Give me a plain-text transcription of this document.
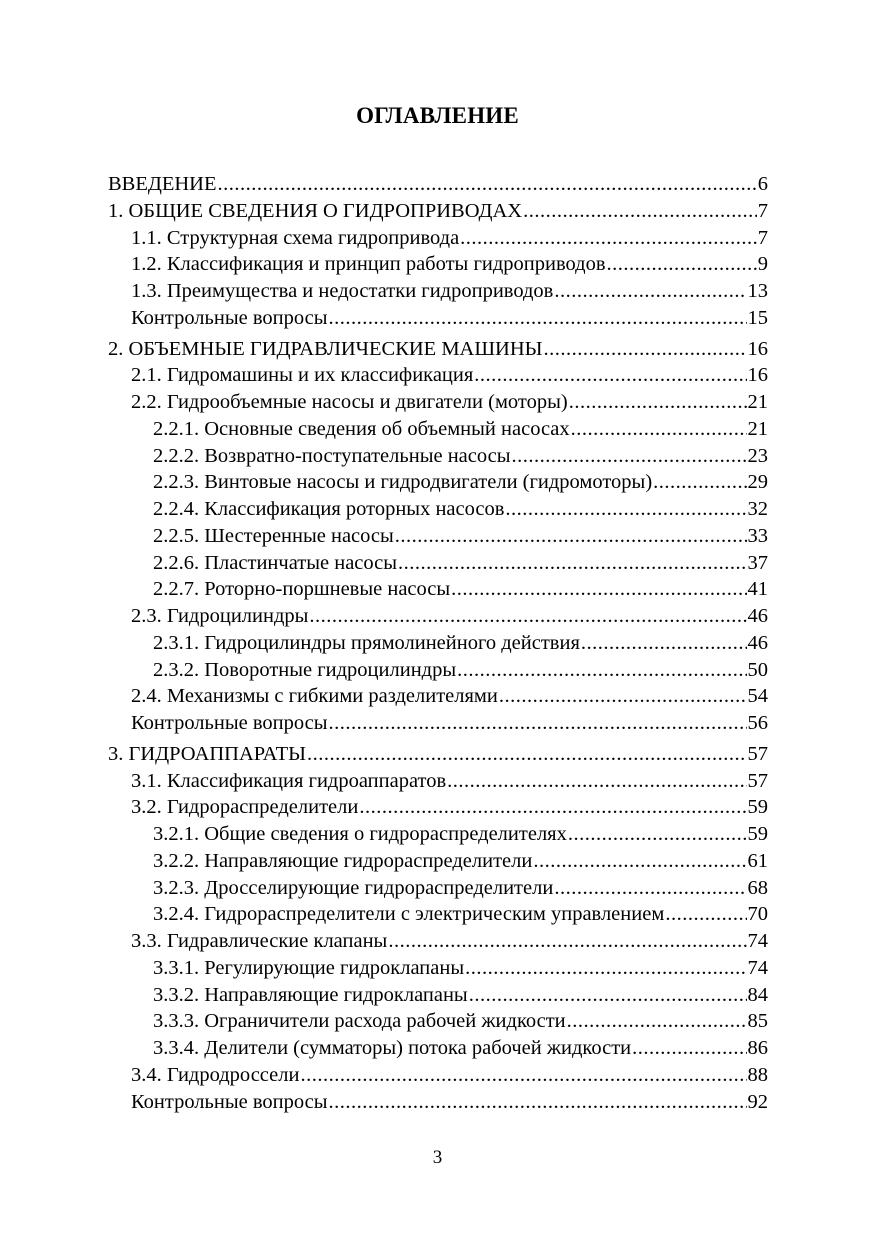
ОГЛАВЛЕНИЕ
ВВЕДЕНИЕ .....	6
1. ОБЩИЕ СВЕДЕНИЯ О ГИДРОПРИВОДАХ .....	7
1.1. Структурная схема гидропривода .....	7
1.2. Классификация и принцип работы гидроприводов .....	9
1.3. Преимущества и недостатки гидроприводов .....	13
Контрольные вопросы .....	15
2. ОБЪЕМНЫЕ ГИДРАВЛИЧЕСКИЕ МАШИНЫ .....	16
2.1. Гидромашины и их классификация .....	16
2.2. Гидрообъемные насосы и двигатели (моторы) .....	21
2.2.1. Основные сведения об объемный насосах .....	21
2.2.2. Возвратно-поступательные насосы .....	23
2.2.3. Винтовые насосы и гидродвигатели (гидромоторы) .....	29
2.2.4. Классификация роторных насосов .....	32
2.2.5. Шестеренные насосы .....	33
2.2.6. Пластинчатые насосы .....	37
2.2.7. Роторно-поршневые насосы .....	41
2.3. Гидроцилиндры .....	46
2.3.1. Гидроцилиндры прямолинейного действия .....	46
2.3.2. Поворотные гидроцилиндры .....	50
2.4. Механизмы с гибкими разделителями .....	54
Контрольные вопросы .....	56
3. ГИДРОАППАРАТЫ .....	57
3.1. Классификация гидроаппаратов .....	57
3.2. Гидрораспределители .....	59
3.2.1. Общие сведения о гидрораспределителях .....	59
3.2.2. Направляющие гидрораспределители .....	61
3.2.3. Дросселирующие гидрораспределители .....	68
3.2.4. Гидрораспределители с электрическим управлением .....	70
3.3. Гидравлические клапаны .....	74
3.3.1. Регулирующие гидроклапаны .....	74
3.3.2. Направляющие гидроклапаны .....	84
3.3.3. Ограничители расхода рабочей жидкости .....	85
3.3.4. Делители (сумматоры) потока рабочей жидкости .....	86
3.4. Гидродроссели .....	88
Контрольные вопросы .....	92
3
